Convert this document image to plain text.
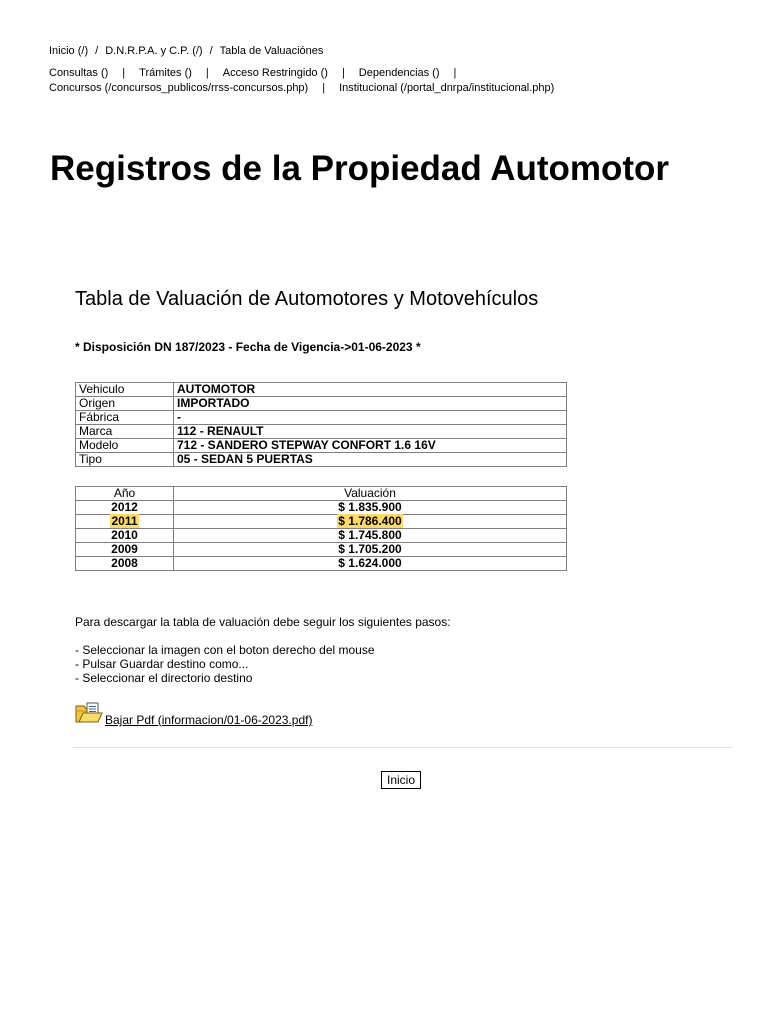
Inicio (/) / D.N.R.P.A. y C.P. (/) / Tabla de Valuaciónes
Consultas () | Trámites () | Acceso Restringido () | Dependencias () |
Concursos (/concursos_publicos/rrss-concursos.php) | Institucional (/portal_dnrpa/institucional.php)
Registros de la Propiedad Automotor
Tabla de Valuación de Automotores y Motovehículos
* Disposición DN 187/2023 - Fecha de Vigencia->01-06-2023 *
Vehiculo	AUTOMOTOR
Origen	IMPORTADO
Fábrica	-
Marca	112 - RENAULT
Modelo	712 - SANDERO STEPWAY CONFORT 1.6 16V
Tipo	05 - SEDAN 5 PUERTAS
Año	Valuación
2012	$ 1.835.900
2011	$ 1.786.400
2010	$ 1.745.800
2009	$ 1.705.200
2008	$ 1.624.000
Para descargar la tabla de valuación debe seguir los siguientes pasos:
- Seleccionar la imagen con el boton derecho del mouse
- Pulsar Guardar destino como...
- Seleccionar el directorio destino
Bajar Pdf (informacion/01-06-2023.pdf)
Inicio
